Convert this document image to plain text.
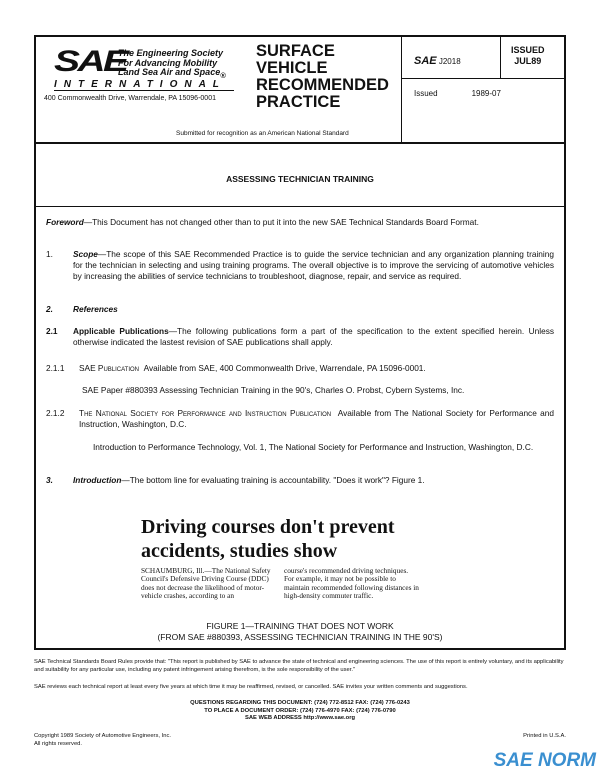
SAE
The Engineering Society
For Advancing Mobility
Land Sea Air and Space$_®$
INTERNATIONAL
400 Commonwealth Drive, Warrendale, PA 15096-0001
SURFACE
VEHICLE
RECOMMENDED
PRACTICE
Submitted for recognition as an American National Standard
SAE J2018
ISSUED
JUL89
Issued	1989-07
ASSESSING TECHNICIAN TRAINING
Foreword—This Document has not changed other than to put it into the new SAE Technical Standards Board Format.
1. Scope—The scope of this SAE Recommended Practice is to guide the service technician and any organization planning training for the technician in selecting and using training programs. The overall objective is to improve the servicing of automotive vehicles by increasing the abilities of service technicians to troubleshoot, diagnose, repair, and service as required.
2. References
2.1 Applicable Publications—The following publications form a part of the specification to the extent specified herein. Unless otherwise indicated the lastest revision of SAE publications shall apply.
2.1.1 SAE Publication Available from SAE, 400 Commonwealth Drive, Warrendale, PA 15096-0001.
SAE Paper #880393 Assessing Technician Training in the 90's, Charles O. Probst, Cybern Systems, Inc.
2.1.2 The National Society for Performance and Instruction Publication Available from The National Society for Performance and Instruction, Washington, D.C.
Introduction to Performance Technology, Vol. 1, The National Society for Performance and Instruction, Washington, D.C.
3. Introduction—The bottom line for evaluating training is accountability. "Does it work"? Figure 1.
Driving courses don't prevent accidents, studies show
SCHAUMBURG, Ill.—The National Safety Council's Defensive Driving Course (DDC) does not decrease the likelihood of motor-vehicle crashes, according to an
course's recommended driving techniques. For example, it may not be possible to maintain recommended following distances in high-density commuter traffic.
FIGURE 1—TRAINING THAT DOES NOT WORK
(FROM SAE #880393, ASSESSING TECHNICIAN TRAINING IN THE 90'S)
SAE Technical Standards Board Rules provide that: "This report is published by SAE to advance the state of technical and engineering sciences. The use of this report is entirely voluntary, and its applicability and suitability for any particular use, including any patent infringement arising therefrom, is the sole responsibility of the user."
SAE reviews each technical report at least every five years at which time it may be reaffirmed, revised, or cancelled. SAE invites your written comments and suggestions.
QUESTIONS REGARDING THIS DOCUMENT: (724) 772-8512 FAX: (724) 776-0243
TO PLACE A DOCUMENT ORDER: (724) 776-4970 FAX: (724) 776-0790
SAE WEB ADDRESS http://www.sae.org
Copyright 1989 Society of Automotive Engineers, Inc.
All rights reserved.
Printed in U.S.A.
SAE NORM
